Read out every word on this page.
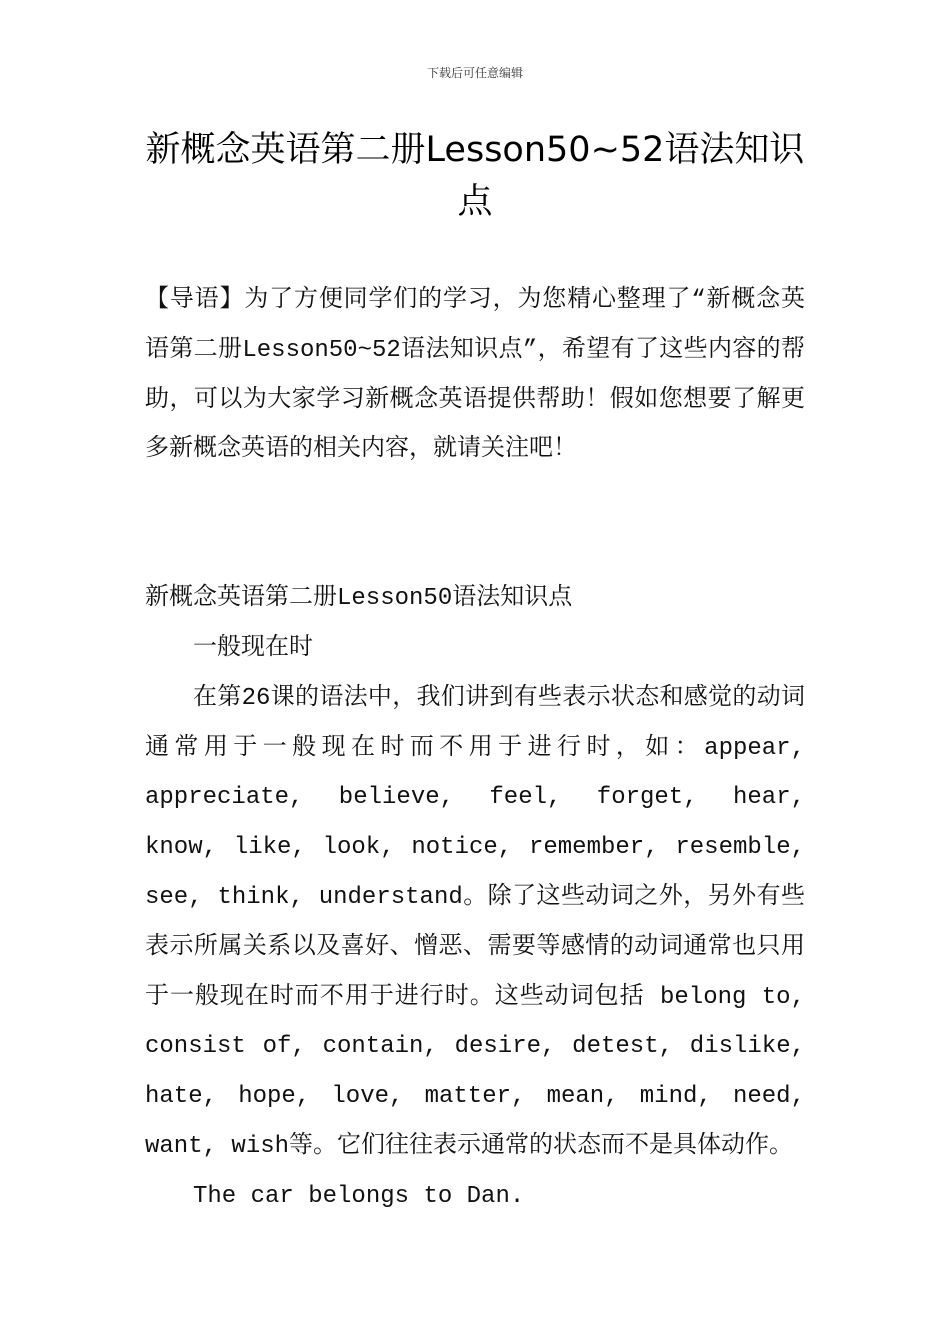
下载后可任意编辑
新概念英语第二册Lesson50~52语法知识点

【导语】为了方便同学们的学习，为您精心整理了“新概念英语第二册Lesson50~52语法知识点”，希望有了这些内容的帮助，可以为大家学习新概念英语提供帮助！假如您想要了解更多新概念英语的相关内容，就请关注吧！

新概念英语第二册Lesson50语法知识点

一般现在时

在第26课的语法中，我们讲到有些表示状态和感觉的动词通常用于一般现在时而不用于进行时，如：appear, appreciate, believe, feel, forget, hear, know, like, look, notice, remember, resemble, see, think, understand。除了这些动词之外，另外有些表示所属关系以及喜好、憎恶、需要等感情的动词通常也只用于一般现在时而不用于进行时。这些动词包括 belong to, consist of, contain, desire, detest, dislike, hate, hope, love, matter, mean, mind, need, want, wish等。它们往往表示通常的状态而不是具体动作。

The car belongs to Dan.
